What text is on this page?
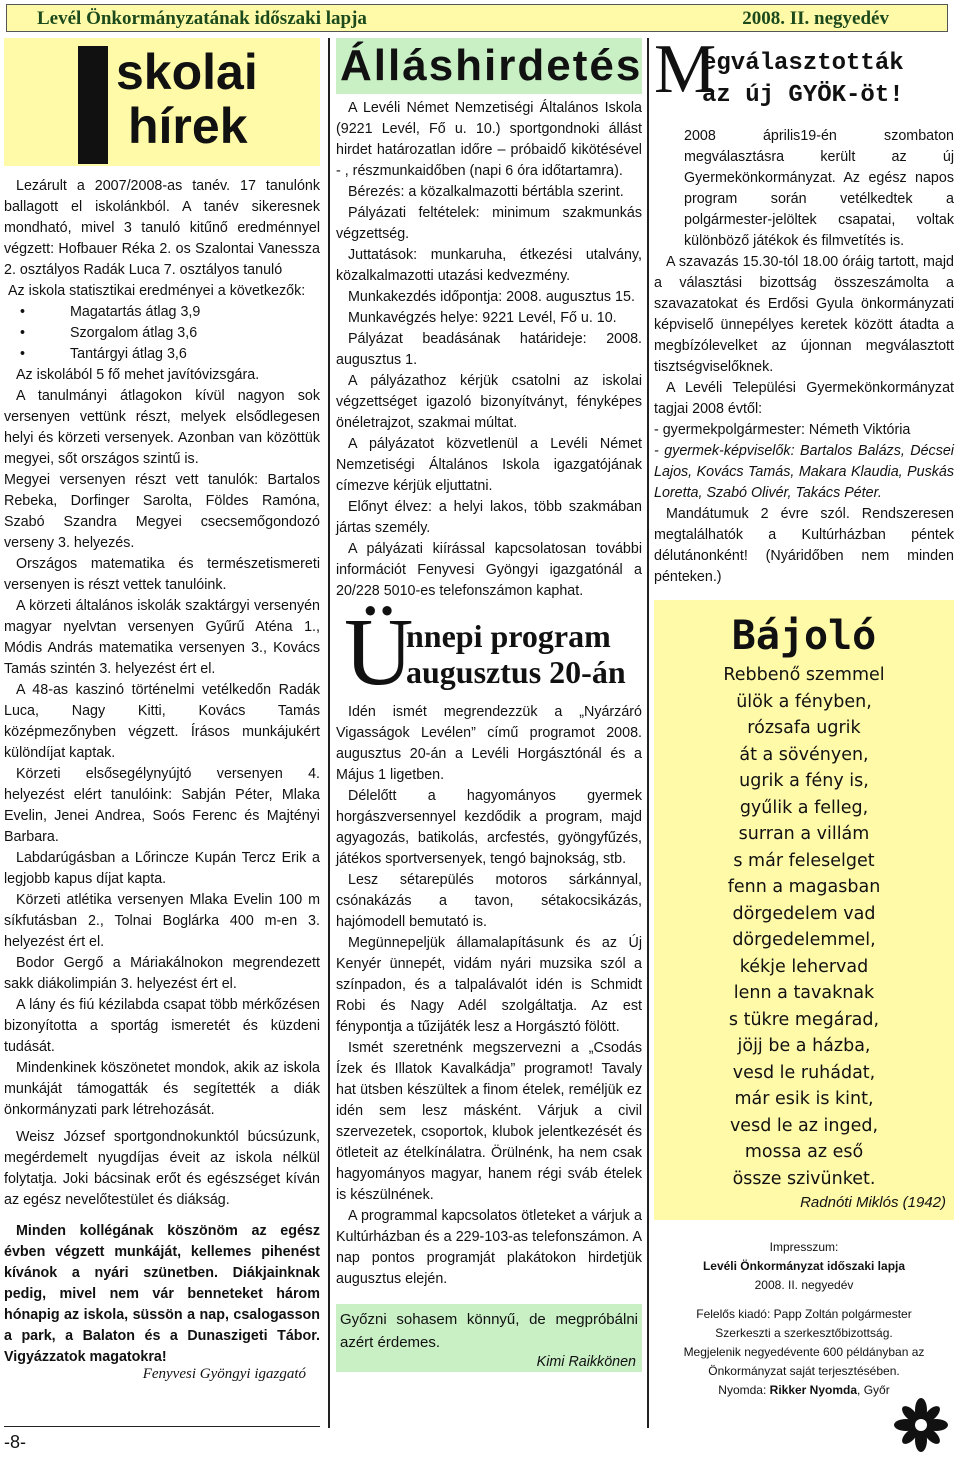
Levél Önkormányzatának időszaki lapja	2008. II. negyedév
skolai
hírek

Lezárult a 2007/2008-as tanév. 17 tanulónk ballagott el iskolánkból. A tanév sikeresnek mondható, mivel 3 tanuló kitűnő eredménnyel végzett: Hofbauer Réka 2. os Szalontai Vanessza 2. osztályos Radák Luca 7. osztályos tanuló

Az iskola statisztikai eredményei a következők:

• Magatartás átlag 3,9
• Szorgalom átlag 3,6
• Tantárgyi átlag 3,6

Az iskolából 5 fő mehet javítóvizsgára.

A tanulmányi átlagokon kívül nagyon sok versenyen vettünk részt, melyek elsődlegesen helyi és körzeti versenyek. Azonban van közöttük megyei, sőt országos szintű is.

Megyei versenyen részt vett tanulók: Bartalos Rebeka, Dorfinger Sarolta, Földes Ramóna, Szabó Szandra Megyei csecsemőgondozó verseny 3. helyezés.

Országos matematika és természetismereti versenyen is részt vettek tanulóink.

A körzeti általános iskolák szaktárgyi versenyén magyar nyelvtan versenyen Gyűrű Aténa 1., Módis András matematika versenyen 3., Kovács Tamás szintén 3. helyezést ért el.

A 48-as kaszinó történelmi vetélkedőn Radák Luca, Nagy Kitti, Kovács Tamás középmezőnyben végzett. Írásos munkájukért különdíjat kaptak.

Körzeti elsősegélynyújtó versenyen 4. helyezést elért tanulóink: Sabján Péter, Mlaka Evelin, Jenei Andrea, Soós Ferenc és Majtényi Barbara.

Labdarúgásban a Lőrincze Kupán Tercz Erik a legjobb kapus díjat kapta.

Körzeti atlétika versenyen Mlaka Evelin 100 m síkfutásban 2., Tolnai Boglárka 400 m-en 3. helyezést ért el.

Bodor Gergő a Máriakálnokon megrendezett sakk diákolimpián 3. helyezést ért el.

A lány és fiú kézilabda csapat több mérkőzésen bizonyította a sportág ismeretét és küzdeni tudását.

Mindenkinek köszönetet mondok, akik az iskola munkáját támogatták és segítették a diák önkormányzati park létrehozását.

Weisz József sportgondnokunktól búcsúzunk, megérdemelt nyugdíjas éveit az iskola nélkül folytatja. Joki bácsinak erőt és egészséget kíván az egész nevelőtestület és diákság.

Minden kollégának köszönöm az egész évben végzett munkáját, kellemes pihenést kívánok a nyári szünetben. Diákjainknak pedig, mivel nem vár benneteket három hónapig az iskola, süssön a nap, csalogasson a park, a Balaton és a Dunaszigeti Tábor. Vigyázzatok magatokra!

Fenyvesi Gyöngyi igazgató
-8-
Álláshirdetés

A Levéli Német Nemzetiségi Általános Iskola (9221 Levél, Fő u. 10.) sportgondnoki állást hirdet határozatlan időre – próbaidő kikötésével - , részmunkaidőben (napi 6 óra időtartamra).

Bérezés: a közalkalmazotti bértábla szerint.

Pályázati feltételek: minimum szakmunkás végzettség.

Juttatások: munkaruha, étkezési utalvány, közalkalmazotti utazási kedvezmény.

Munkakezdés időpontja: 2008. augusztus 15.

Munkavégzés helye: 9221 Levél, Fő u. 10.

Pályázat beadásának határideje: 2008. augusztus 1.

A pályázathoz kérjük csatolni az iskolai végzettséget igazoló bizonyítványt, fényképes önéletrajzot, szakmai múltat.

A pályázatot közvetlenül a Levéli Német Nemzetiségi Általános Iskola igazgatójának címezve kérjük eljuttatni.

Előnyt élvez: a helyi lakos, több szakmában jártas személy.

A pályázati kiírással kapcsolatosan további információt Fenyvesi Gyöngyi igazgatónál a 20/228 5010-es telefonszámon kaphat.

Ü
nnepi program
augusztus 20-án

Idén ismét megrendezzük a „Nyárzáró Vigasságok Levélen” című programot 2008. augusztus 20-án a Levéli Horgásztónál és a Május 1 ligetben.

Délelőtt a hagyományos gyermek horgászversennyel kezdődik a program, majd agyagozás, batikolás, arcfestés, gyöngyfűzés, játékos sportversenyek, tengó bajnokság, stb.

Lesz sétarepülés motoros sárkánnyal, csónakázás a tavon, sétakocsikázás, hajómodell bemutató is.

Megünnepeljük államalapításunk és az Új Kenyér ünnepét, vidám nyári muzsika szól a színpadon, és a talpalávalót idén is Schmidt Robi és Nagy Adél szolgáltatja. Az est fénypontja a tűzijáték lesz a Horgásztó fölött.

Ismét szeretnénk megszervezni a „Csodás Ízek és Illatok Kavalkádja” programot! Tavaly hat ütsben készültek a finom ételek, reméljük ez idén sem lesz másként. Várjuk a civil szervezetek, csoportok, klubok jelentkezését és ötleteit az ételkínálatra. Örülnénk, ha nem csak hagyományos magyar, hanem régi sváb ételek is készülnének.

A programmal kapcsolatos ötleteket a várjuk a Kultúrházban és a 229-103-as telefonszámon. A nap pontos programját plakátokon hirdetjük augusztus elején.

Győzni sohasem könnyű, de megpróbálni azért érdemes.

Kimi Raikkönen
M
egválasztották
az új GYÖK-öt!

2008 április19-én szombaton megválasztásra került az új Gyermekönkormányzat. Az egész napos program során vetélkedtek a polgármester-jelöltek csapatai, voltak különböző játékok és filmvetítés is.

A szavazás 15.30-tól 18.00 óráig tartott, majd a választási bizottság összeszámolta a szavazatokat és Erdősi Gyula önkormányzati képviselő ünnepélyes keretek között átadta a megbízólevelket az újonnan megválasztott tisztségviselőknek.

A Levéli Települési Gyermekönkormányzat tagjai 2008 évtől:

- gyermekpolgármester: Németh Viktória

- gyermek-képviselők: Bartalos Balázs, Décsei Lajos, Kovács Tamás, Makara Klaudia, Puskás Loretta, Szabó Olivér, Takács Péter.

Mandátumuk 2 évre szól. Rendszeresen megtalálhatók a Kultúrházban péntek délutánonként! (Nyáridőben nem minden pénteken.)

Bájoló
Rebbenő szemmel
ülök a fényben,
rózsafa ugrik
át a sövényen,
ugrik a fény is,
gyűlik a felleg,
surran a villám
s már feleselget
fenn a magasban
dörgedelem vad
dörgedelemmel,
kékje lehervad
lenn a tavaknak
s tükre megárad,
jöjj be a házba,
vesd le ruhádat,
már esik is kint,
vesd le az inged,
mossa az eső
össze szivünket.
Radnóti Miklós (1942)
Impresszum:
Levéli Önkormányzat időszaki lapja
2008. II. negyedév
Felelős kiadó: Papp Zoltán polgármester
Szerkeszti a szerkesztőbizottság.
Megjelenik negyedévente 600 példányban az Önkormányzat saját terjesztésében.
Nyomda: Rikker Nyomda, Győr
